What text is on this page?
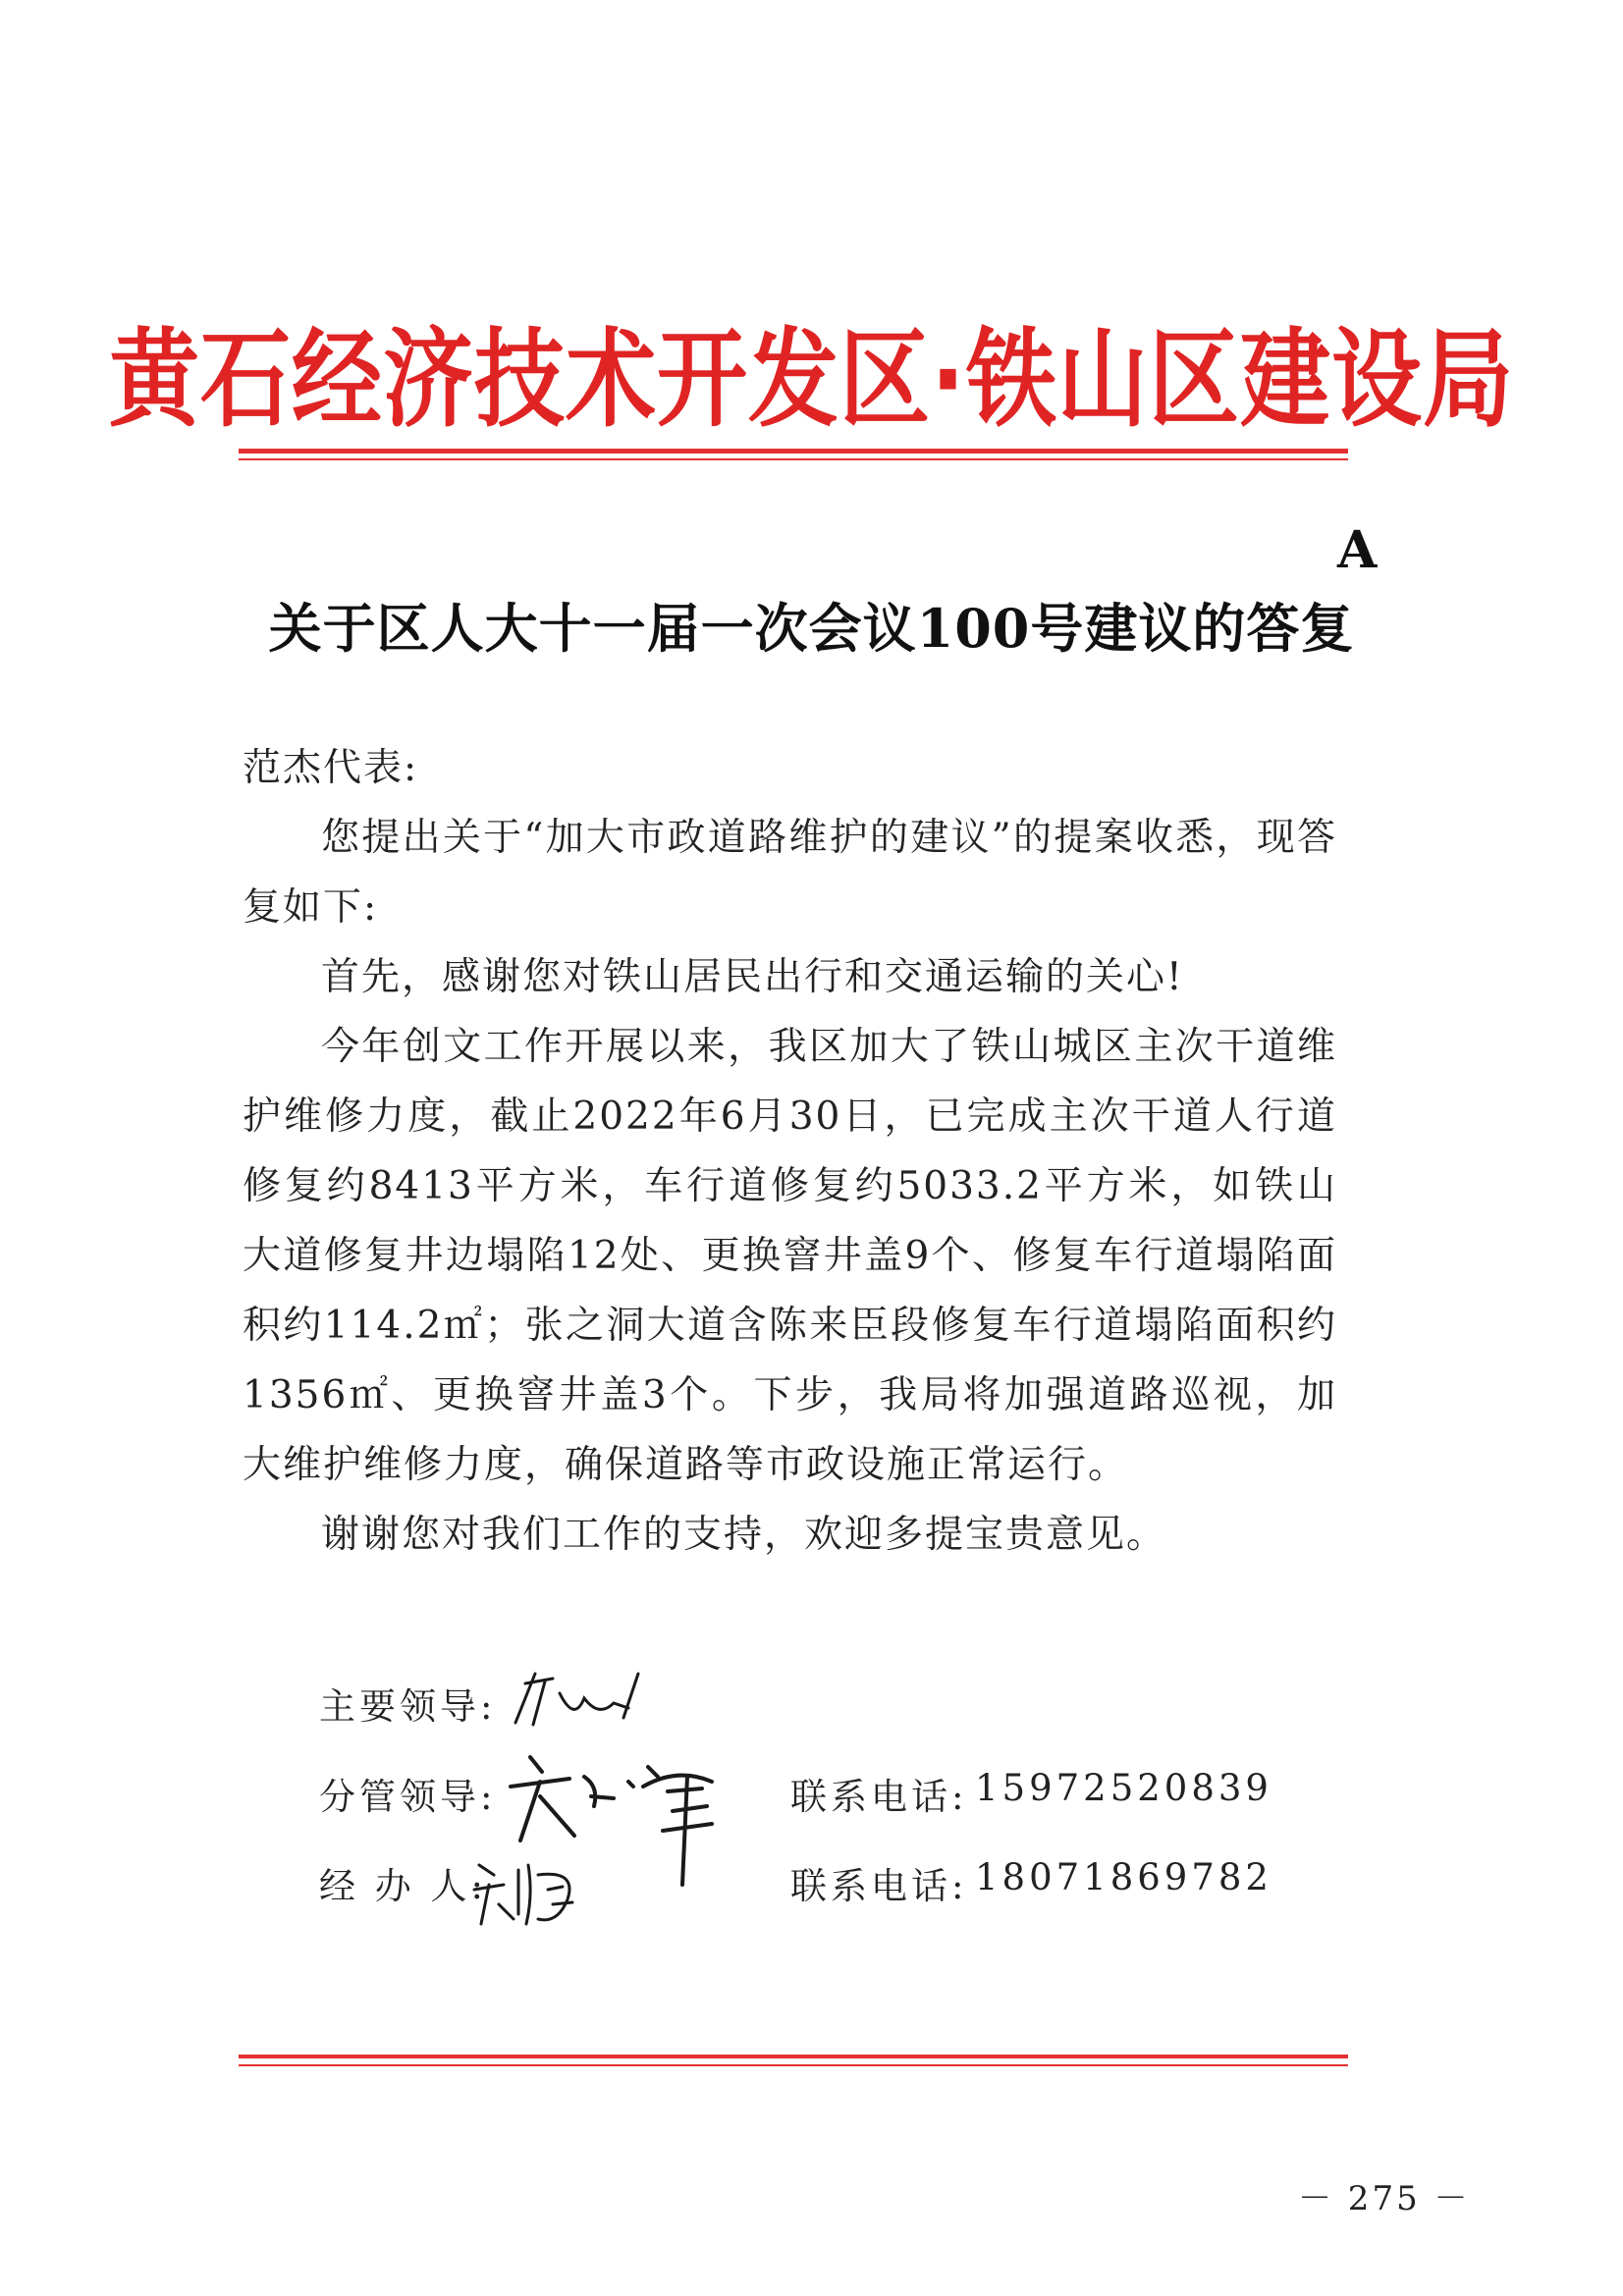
黄石经济技术开发区·铁山区建设局
A
关于区人大十一届一次会议100号建议的答复

范杰代表:

您提出关于“加大市政道路维护的建议”的提案收悉，现答复如下:

首先，感谢您对铁山居民出行和交通运输的关心!

今年创文工作开展以来，我区加大了铁山城区主次干道维护维修力度，截止2022年6月30日，已完成主次干道人行道修复约8413平方米，车行道修复约5033.2平方米，如铁山大道修复井边塌陷12处、更换窨井盖9个、修复车行道塌陷面积约114.2㎡；张之洞大道含陈来臣段修复车行道塌陷面积约1356㎡、更换窨井盖3个。下步，我局将加强道路巡视，加大维护维修力度，确保道路等市政设施正常运行。

谢谢您对我们工作的支持，欢迎多提宝贵意见。

主要领导:
分管领导:
经 办 人:
联系电话: 15972520839
联系电话: 18071869782
－ 275 －
